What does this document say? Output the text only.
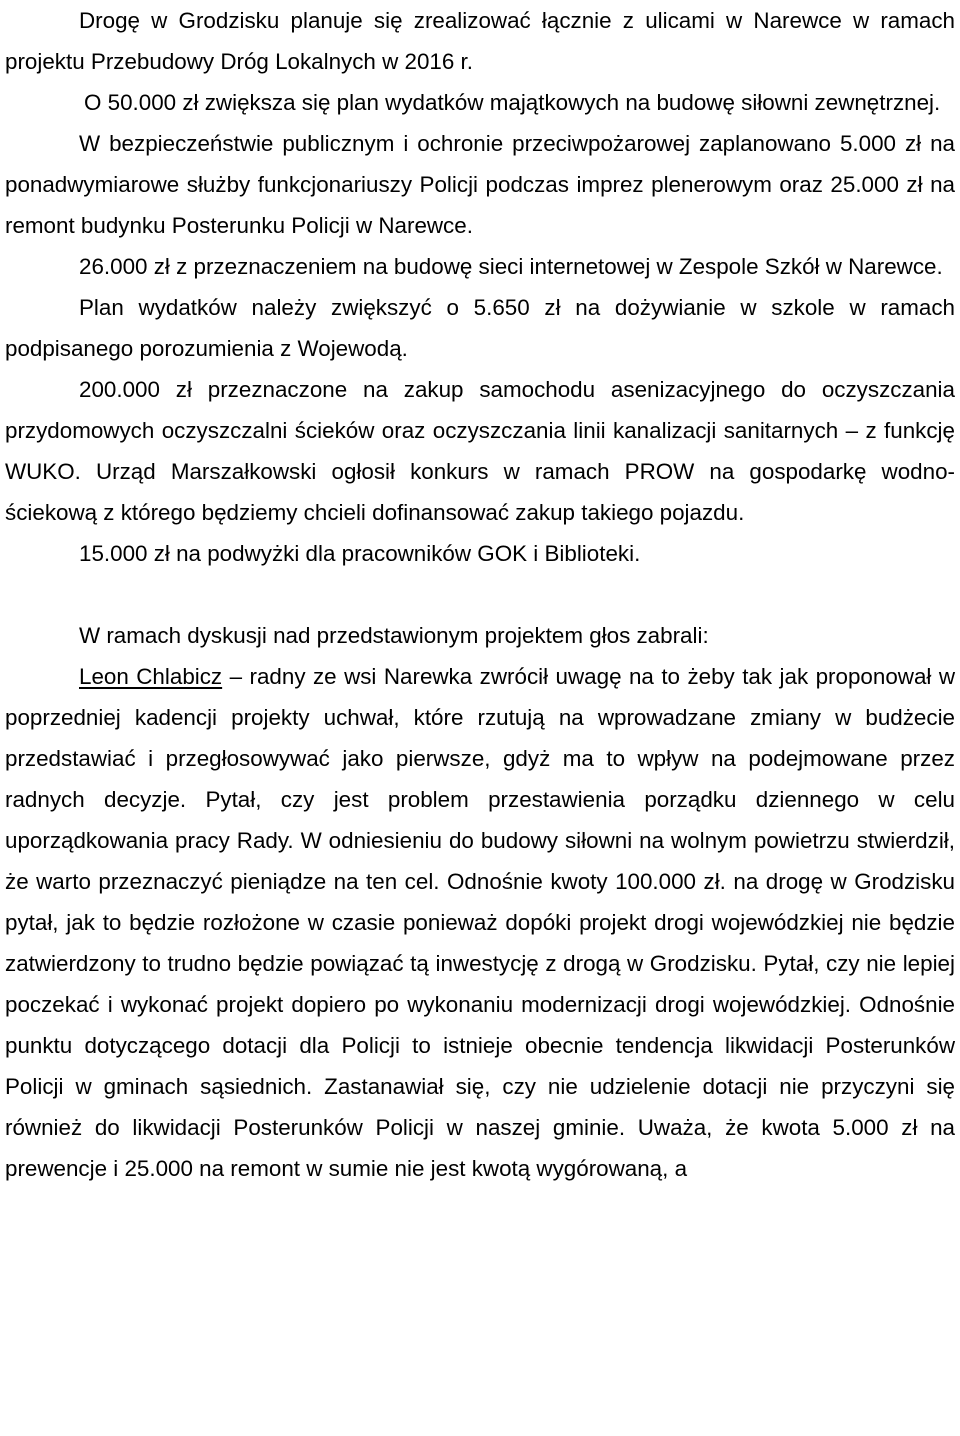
Drogę w Grodzisku planuje się zrealizować łącznie z ulicami w Narewce w ramach projektu Przebudowy Dróg Lokalnych w 2016 r.

O 50.000 zł zwiększa się plan wydatków majątkowych na budowę siłowni zewnętrznej.

W bezpieczeństwie publicznym i ochronie przeciwpożarowej zaplanowano 5.000 zł na ponadwymiarowe służby funkcjonariuszy Policji podczas imprez plenerowym oraz 25.000 zł na remont budynku Posterunku Policji w Narewce.

26.000 zł z przeznaczeniem na budowę sieci internetowej w Zespole Szkół w Narewce.

Plan wydatków należy zwiększyć o 5.650 zł na dożywianie w szkole w ramach podpisanego porozumienia z Wojewodą.

200.000 zł przeznaczone na zakup samochodu asenizacyjnego do oczyszczania przydomowych oczyszczalni ścieków oraz oczyszczania linii kanalizacji sanitarnych – z funkcję WUKO. Urząd Marszałkowski ogłosił konkurs w ramach PROW na gospodarkę wodno-ściekową z którego będziemy chcieli dofinansować zakup takiego pojazdu.

15.000 zł na podwyżki dla pracowników GOK i Biblioteki.

W ramach dyskusji nad przedstawionym projektem głos zabrali:

Leon Chlabicz – radny ze wsi Narewka zwrócił uwagę na to żeby tak jak proponował w poprzedniej kadencji projekty uchwał, które rzutują na wprowadzane zmiany w budżecie przedstawiać i przegłosowywać jako pierwsze, gdyż ma to wpływ na podejmowane przez radnych decyzje. Pytał, czy jest problem przestawienia porządku dziennego w celu uporządkowania pracy Rady. W odniesieniu do budowy siłowni na wolnym powietrzu stwierdził, że warto przeznaczyć pieniądze na ten cel. Odnośnie kwoty 100.000 zł. na drogę w Grodzisku pytał, jak to będzie rozłożone w czasie ponieważ dopóki projekt drogi wojewódzkiej nie będzie zatwierdzony to trudno będzie powiązać tą inwestycję z drogą w Grodzisku. Pytał, czy nie lepiej poczekać i wykonać projekt dopiero po wykonaniu modernizacji drogi wojewódzkiej. Odnośnie punktu dotyczącego dotacji dla Policji to istnieje obecnie tendencja likwidacji Posterunków Policji w gminach sąsiednich. Zastanawiał się, czy nie udzielenie dotacji nie przyczyni się również do likwidacji Posterunków Policji w naszej gminie. Uważa, że kwota 5.000 zł na prewencje i 25.000 na remont w sumie nie jest kwotą wygórowaną, a
